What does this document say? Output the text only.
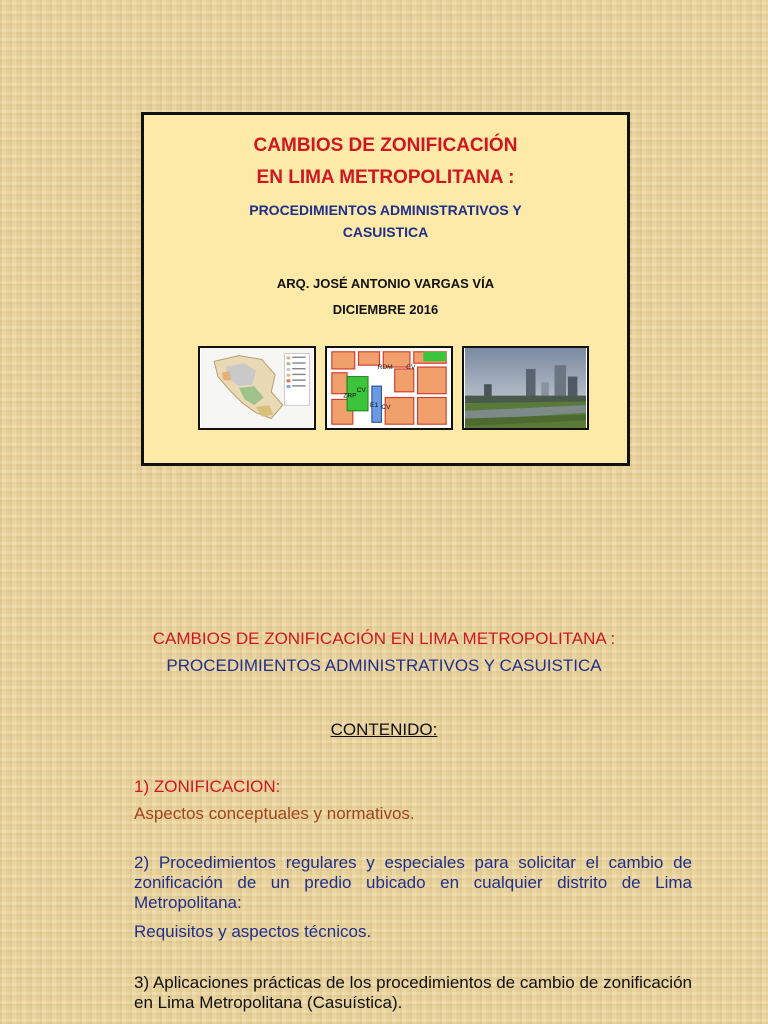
CAMBIOS DE ZONIFICACIÓN

EN LIMA METROPOLITANA :

PROCEDIMIENTOS ADMINISTRATIVOS Y

CASUISTICA

ARQ. JOSÉ ANTONIO VARGAS VÍA

DICIEMBRE 2016

RDM CV
ZRP
CV
E1 CV

CAMBIOS DE ZONIFICACIÓN EN LIMA METROPOLITANA :

PROCEDIMIENTOS ADMINISTRATIVOS Y CASUISTICA

CONTENIDO:

1) ZONIFICACION:

Aspectos conceptuales y normativos.

2) Procedimientos regulares y especiales para solicitar el cambio de zonificación de un predio ubicado en cualquier distrito de Lima Metropolitana:

Requisitos y aspectos técnicos.

3) Aplicaciones prácticas de los procedimientos de cambio de zonificación en Lima Metropolitana (Casuística).
